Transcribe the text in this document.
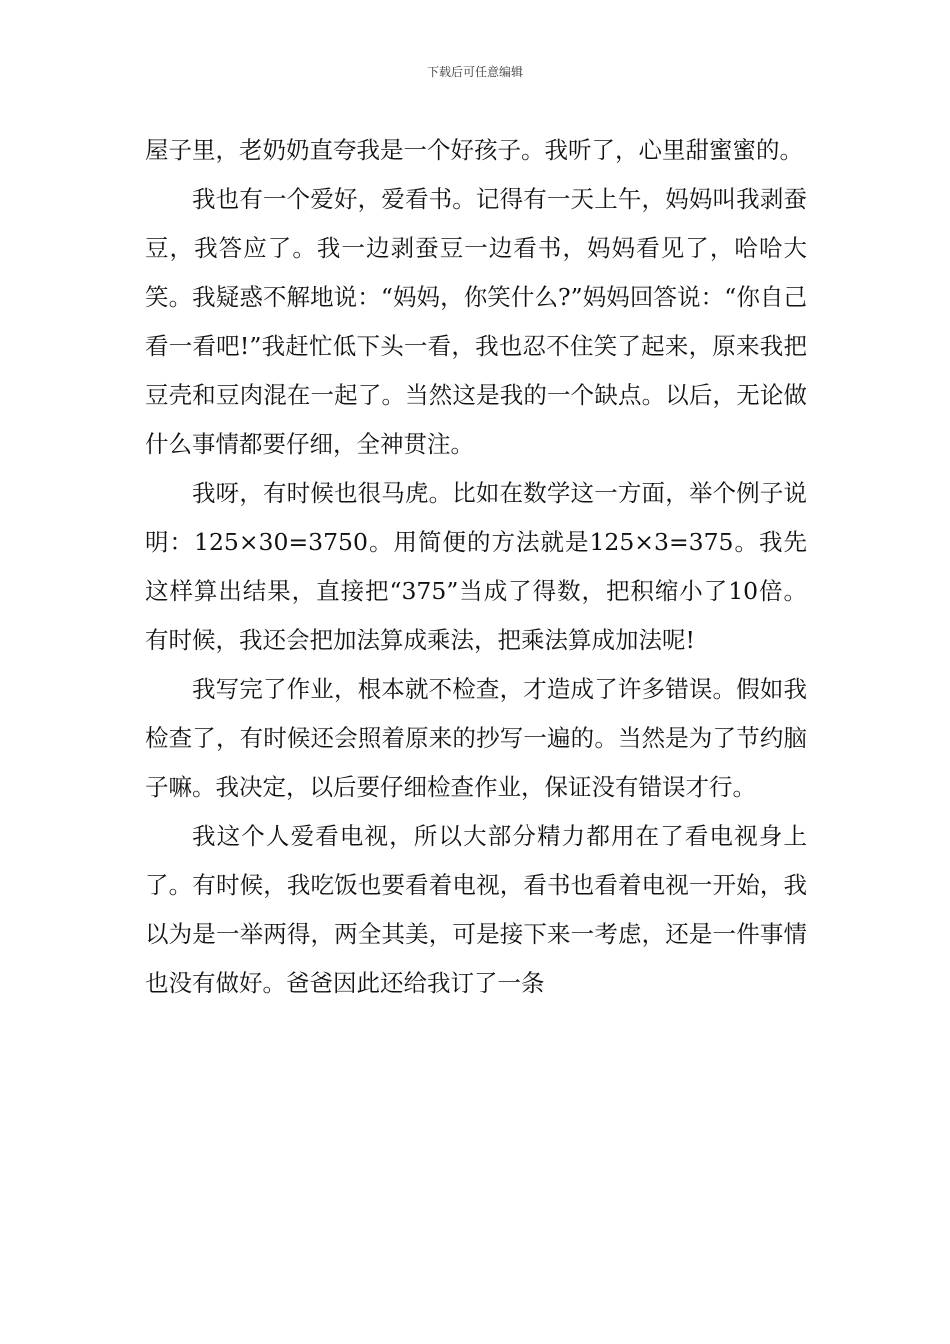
下载后可任意编辑

屋子里，老奶奶直夸我是一个好孩子。我听了，心里甜蜜蜜的。

我也有一个爱好，爱看书。记得有一天上午，妈妈叫我剥蚕豆，我答应了。我一边剥蚕豆一边看书，妈妈看见了，哈哈大笑。我疑惑不解地说：“妈妈，你笑什么?”妈妈回答说：“你自己看一看吧!”我赶忙低下头一看，我也忍不住笑了起来，原来我把豆壳和豆肉混在一起了。当然这是我的一个缺点。以后，无论做什么事情都要仔细，全神贯注。

我呀，有时候也很马虎。比如在数学这一方面，举个例子说明：125×30=3750。用简便的方法就是125×3=375。我先这样算出结果，直接把“375”当成了得数，把积缩小了10倍。有时候，我还会把加法算成乘法，把乘法算成加法呢!

我写完了作业，根本就不检查，才造成了许多错误。假如我检查了，有时候还会照着原来的抄写一遍的。当然是为了节约脑子嘛。我决定，以后要仔细检查作业，保证没有错误才行。

我这个人爱看电视，所以大部分精力都用在了看电视身上了。有时候，我吃饭也要看着电视，看书也看着电视一开始，我以为是一举两得，两全其美，可是接下来一考虑，还是一件事情也没有做好。爸爸因此还给我订了一条
